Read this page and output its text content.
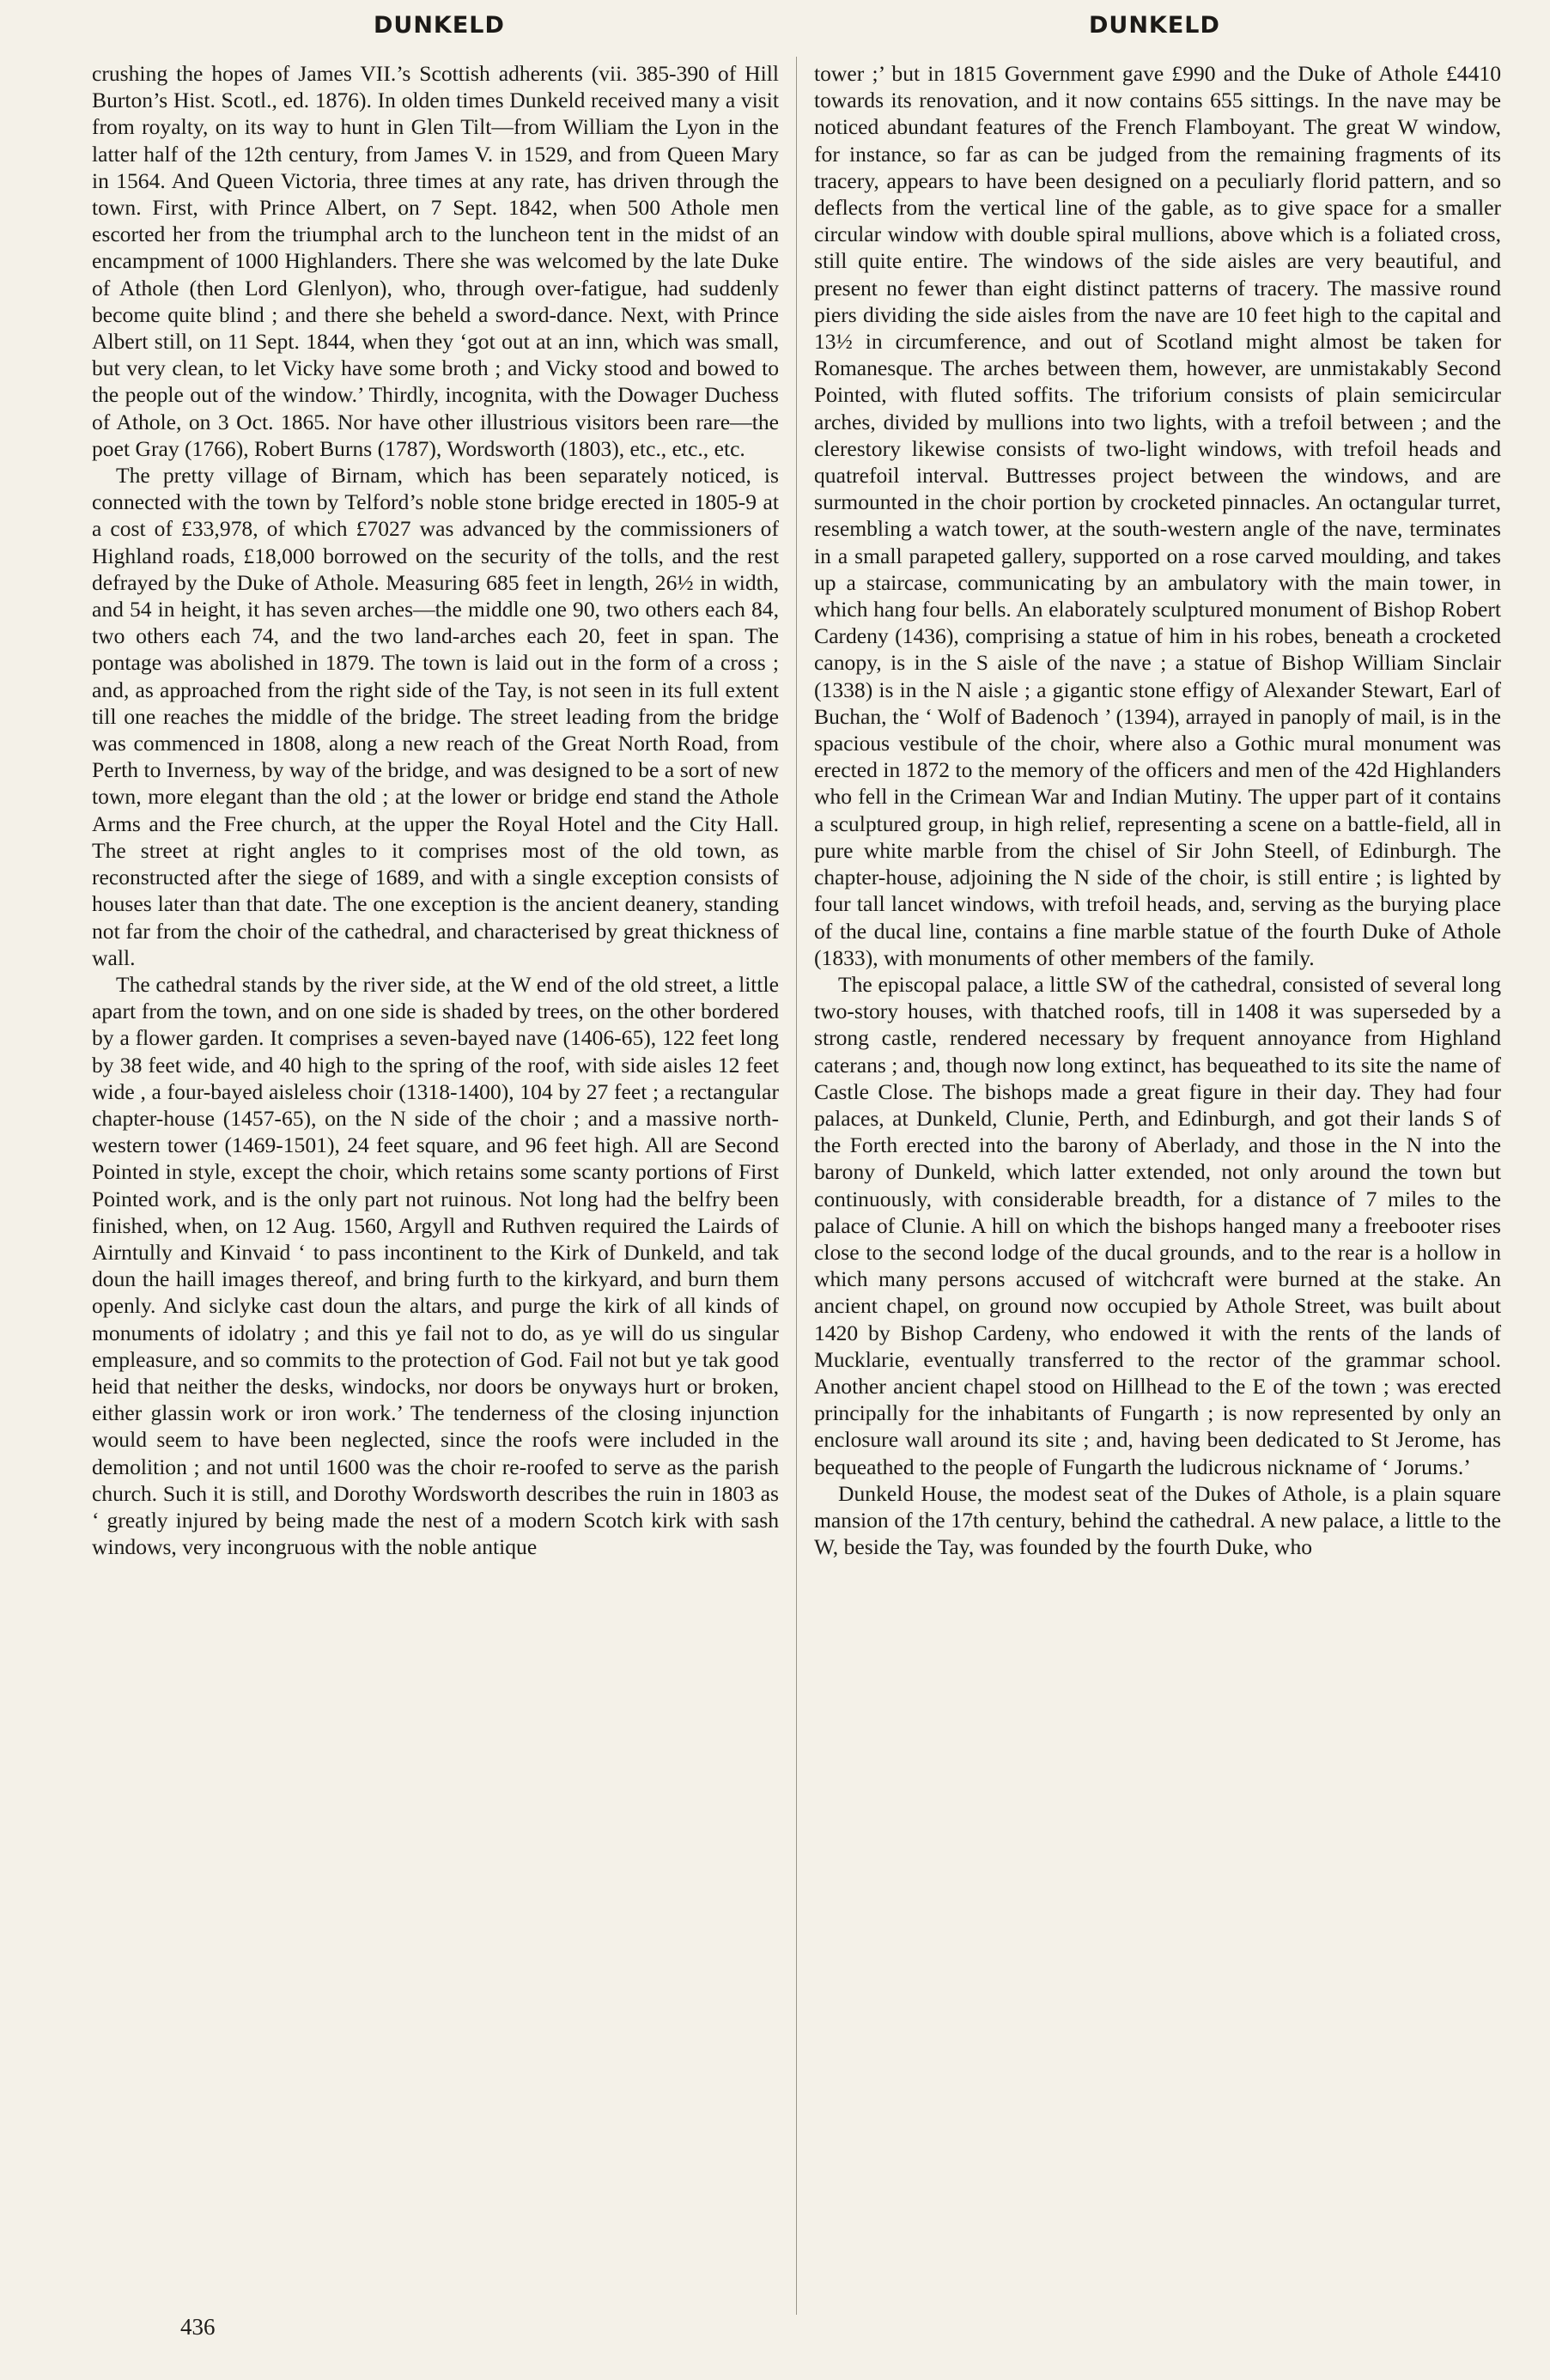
DUNKELD	DUNKELD

crushing the hopes of James VII.’s Scottish adherents (vii. 385-390 of Hill Burton’s Hist. Scotl., ed. 1876). In olden times Dunkeld received many a visit from royalty, on its way to hunt in Glen Tilt—from William the Lyon in the latter half of the 12th century, from James V. in 1529, and from Queen Mary in 1564. And Queen Victoria, three times at any rate, has driven through the town. First, with Prince Albert, on 7 Sept. 1842, when 500 Athole men escorted her from the triumphal arch to the luncheon tent in the midst of an encampment of 1000 Highlanders. There she was welcomed by the late Duke of Athole (then Lord Glenlyon), who, through over-fatigue, had suddenly become quite blind ; and there she beheld a sword-dance. Next, with Prince Albert still, on 11 Sept. 1844, when they ‘got out at an inn, which was small, but very clean, to let Vicky have some broth ; and Vicky stood and bowed to the people out of the window.’ Thirdly, incognita, with the Dowager Duchess of Athole, on 3 Oct. 1865. Nor have other illustrious visitors been rare—the poet Gray (1766), Robert Burns (1787), Wordsworth (1803), etc., etc., etc.

The pretty village of Birnam, which has been separately noticed, is connected with the town by Telford’s noble stone bridge erected in 1805-9 at a cost of £33,978, of which £7027 was advanced by the commissioners of Highland roads, £18,000 borrowed on the security of the tolls, and the rest defrayed by the Duke of Athole. Measuring 685 feet in length, 26½ in width, and 54 in height, it has seven arches—the middle one 90, two others each 84, two others each 74, and the two land-arches each 20, feet in span. The pontage was abolished in 1879. The town is laid out in the form of a cross ; and, as approached from the right side of the Tay, is not seen in its full extent till one reaches the middle of the bridge. The street leading from the bridge was commenced in 1808, along a new reach of the Great North Road, from Perth to Inverness, by way of the bridge, and was designed to be a sort of new town, more elegant than the old ; at the lower or bridge end stand the Athole Arms and the Free church, at the upper the Royal Hotel and the City Hall. The street at right angles to it comprises most of the old town, as reconstructed after the siege of 1689, and with a single exception consists of houses later than that date. The one exception is the ancient deanery, standing not far from the choir of the cathedral, and characterised by great thickness of wall.

The cathedral stands by the river side, at the W end of the old street, a little apart from the town, and on one side is shaded by trees, on the other bordered by a flower garden. It comprises a seven-bayed nave (1406-65), 122 feet long by 38 feet wide, and 40 high to the spring of the roof, with side aisles 12 feet wide , a four-bayed aisleless choir (1318-1400), 104 by 27 feet ; a rectangular chapter-house (1457-65), on the N side of the choir ; and a massive north-western tower (1469-1501), 24 feet square, and 96 feet high. All are Second Pointed in style, except the choir, which retains some scanty portions of First Pointed work, and is the only part not ruinous. Not long had the belfry been finished, when, on 12 Aug. 1560, Argyll and Ruthven required the Lairds of Airntully and Kinvaid ‘ to pass incontinent to the Kirk of Dunkeld, and tak doun the haill images thereof, and bring furth to the kirkyard, and burn them openly. And siclyke cast doun the altars, and purge the kirk of all kinds of monuments of idolatry ; and this ye fail not to do, as ye will do us singular empleasure, and so commits to the protection of God. Fail not but ye tak good heid that neither the desks, windocks, nor doors be onyways hurt or broken, either glassin work or iron work.’ The tenderness of the closing injunction would seem to have been neglected, since the roofs were included in the demolition ; and not until 1600 was the choir re-roofed to serve as the parish church. Such it is still, and Dorothy Wordsworth describes the ruin in 1803 as ‘ greatly injured by being made the nest of a modern Scotch kirk with sash windows, very incongruous with the noble antique

tower ;’ but in 1815 Government gave £990 and the Duke of Athole £4410 towards its renovation, and it now contains 655 sittings. In the nave may be noticed abundant features of the French Flamboyant. The great W window, for instance, so far as can be judged from the remaining fragments of its tracery, appears to have been designed on a peculiarly florid pattern, and so deflects from the vertical line of the gable, as to give space for a smaller circular window with double spiral mullions, above which is a foliated cross, still quite entire. The windows of the side aisles are very beautiful, and present no fewer than eight distinct patterns of tracery. The massive round piers dividing the side aisles from the nave are 10 feet high to the capital and 13½ in circumference, and out of Scotland might almost be taken for Romanesque. The arches between them, however, are unmistakably Second Pointed, with fluted soffits. The triforium consists of plain semicircular arches, divided by mullions into two lights, with a trefoil between ; and the clerestory likewise consists of two-light windows, with trefoil heads and quatrefoil interval. Buttresses project between the windows, and are surmounted in the choir portion by crocketed pinnacles. An octangular turret, resembling a watch tower, at the south-western angle of the nave, terminates in a small parapeted gallery, supported on a rose carved moulding, and takes up a staircase, communicating by an ambulatory with the main tower, in which hang four bells. An elaborately sculptured monument of Bishop Robert Cardeny (1436), comprising a statue of him in his robes, beneath a crocketed canopy, is in the S aisle of the nave ; a statue of Bishop William Sinclair (1338) is in the N aisle ; a gigantic stone effigy of Alexander Stewart, Earl of Buchan, the ‘ Wolf of Badenoch ’ (1394), arrayed in panoply of mail, is in the spacious vestibule of the choir, where also a Gothic mural monument was erected in 1872 to the memory of the officers and men of the 42d Highlanders who fell in the Crimean War and Indian Mutiny. The upper part of it contains a sculptured group, in high relief, representing a scene on a battle-field, all in pure white marble from the chisel of Sir John Steell, of Edinburgh. The chapter-house, adjoining the N side of the choir, is still entire ; is lighted by four tall lancet windows, with trefoil heads, and, serving as the burying place of the ducal line, contains a fine marble statue of the fourth Duke of Athole (1833), with monuments of other members of the family.

The episcopal palace, a little SW of the cathedral, consisted of several long two-story houses, with thatched roofs, till in 1408 it was superseded by a strong castle, rendered necessary by frequent annoyance from Highland caterans ; and, though now long extinct, has bequeathed to its site the name of Castle Close. The bishops made a great figure in their day. They had four palaces, at Dunkeld, Clunie, Perth, and Edinburgh, and got their lands S of the Forth erected into the barony of Aberlady, and those in the N into the barony of Dunkeld, which latter extended, not only around the town but continuously, with considerable breadth, for a distance of 7 miles to the palace of Clunie. A hill on which the bishops hanged many a freebooter rises close to the second lodge of the ducal grounds, and to the rear is a hollow in which many persons accused of witchcraft were burned at the stake. An ancient chapel, on ground now occupied by Athole Street, was built about 1420 by Bishop Cardeny, who endowed it with the rents of the lands of Mucklarie, eventually transferred to the rector of the grammar school. Another ancient chapel stood on Hillhead to the E of the town ; was erected principally for the inhabitants of Fungarth ; is now represented by only an enclosure wall around its site ; and, having been dedicated to St Jerome, has bequeathed to the people of Fungarth the ludicrous nickname of ‘ Jorums.’

Dunkeld House, the modest seat of the Dukes of Athole, is a plain square mansion of the 17th century, behind the cathedral. A new palace, a little to the W, beside the Tay, was founded by the fourth Duke, who

436
